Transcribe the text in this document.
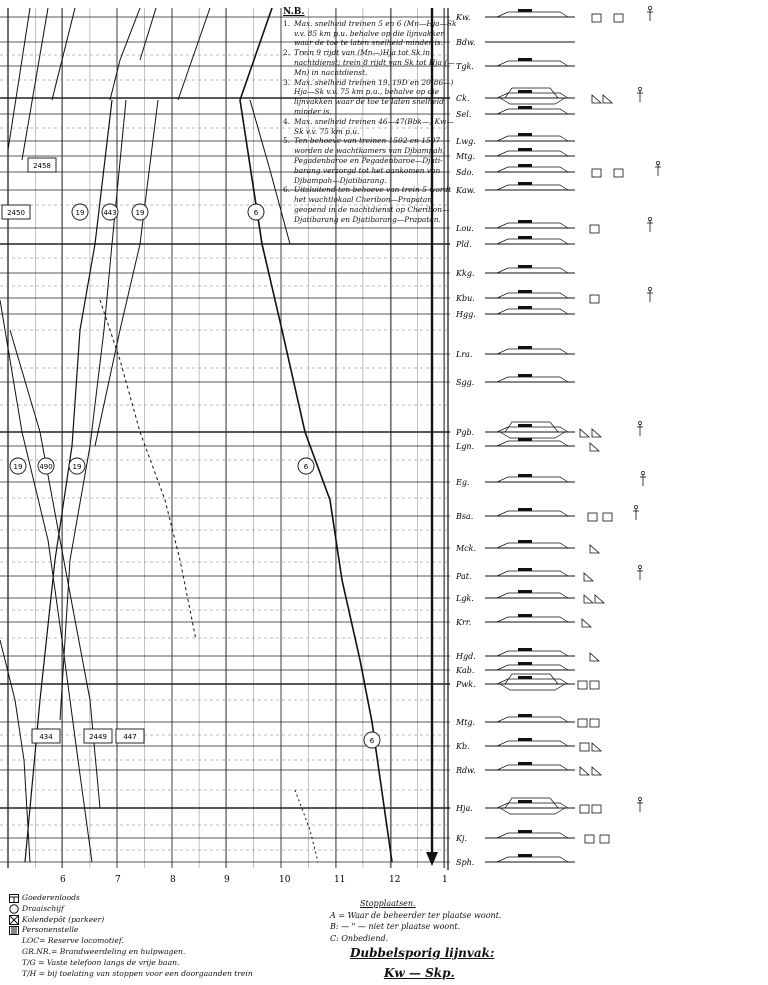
6	7	8	9	10	11	12	1
Kw.
Bdw.
Tgk.
Ck.
Sel.
Lwg.
Mtg.
Sdo.
Kaw.
Lou.
Pld.
Kkg.
Kbu.
Hgg.
Lra.
Sgg.
Pgb.
Lgn.
Eg.
Bsa.
Mck.
Pat.
Lgk.
Krr.
Hgd.
Kab.
Pwk.
Mtg.
Kb.
Rdw.
Hja.
Kj.
Sph.
2458
2450	19	443	19	6
19 490	19	6
434	2449 447	6
N.B.
1. Max. snelheid treinen 5 en 6 (Mn—Hja—Sk v.v. 85 km p.u. behalve op die lijnvakken waar de toe te laten snelheid minder is.
2. Trein 9 rijdt van (Mn—)Hja tot Sk in nachtdienst; trein 8 rijdt van Sk tot Hja (—Mn) in nachtdienst.
3. Max. snelheid treinen 19, 19D en 20(86—) Hja—Sk v.v. 75 km p.u., behalve op die lijnvakken waar de toe te laten snelheid minder is.
4. Max. snelheid treinen 46—47(Bbk—) Kw—Sk v.v. 75 km p.u.
5. Ten behoeve van treinen 1502 en 1507 worden de wachtkamers van Djbampah, Pegadenbaroe en Pegadenbaroe—Djati-barang verzorgd tot het aankomen van Djbampah—Djatibarang.
6. Uitsluitend ten behoeve van trein 5 wordt het wachtlokaal Cheribon—Prapatan geopend in de nachtdienst op Cheribon—Djatibarang en Djatibarang—Prapatan.
Goederenloods
Draaischijf
Kolendepôt (parkeer)
Personenstelle
LOC= Reserve locomotief.
GR.NR.= Brandweerdeling en hulpwagen.
T/G = Vaste telefoon langs de vrije baan.
T/H = bij toelating van stoppen voor een doorgaanden trein
Stopplaatsen.
A = Waar de beheerder ter plaatse woont.
B: — " — niet ter plaatse woont.
C: Onbediend.
Dubbelsporig lijnvak:
Kw — Skp.
